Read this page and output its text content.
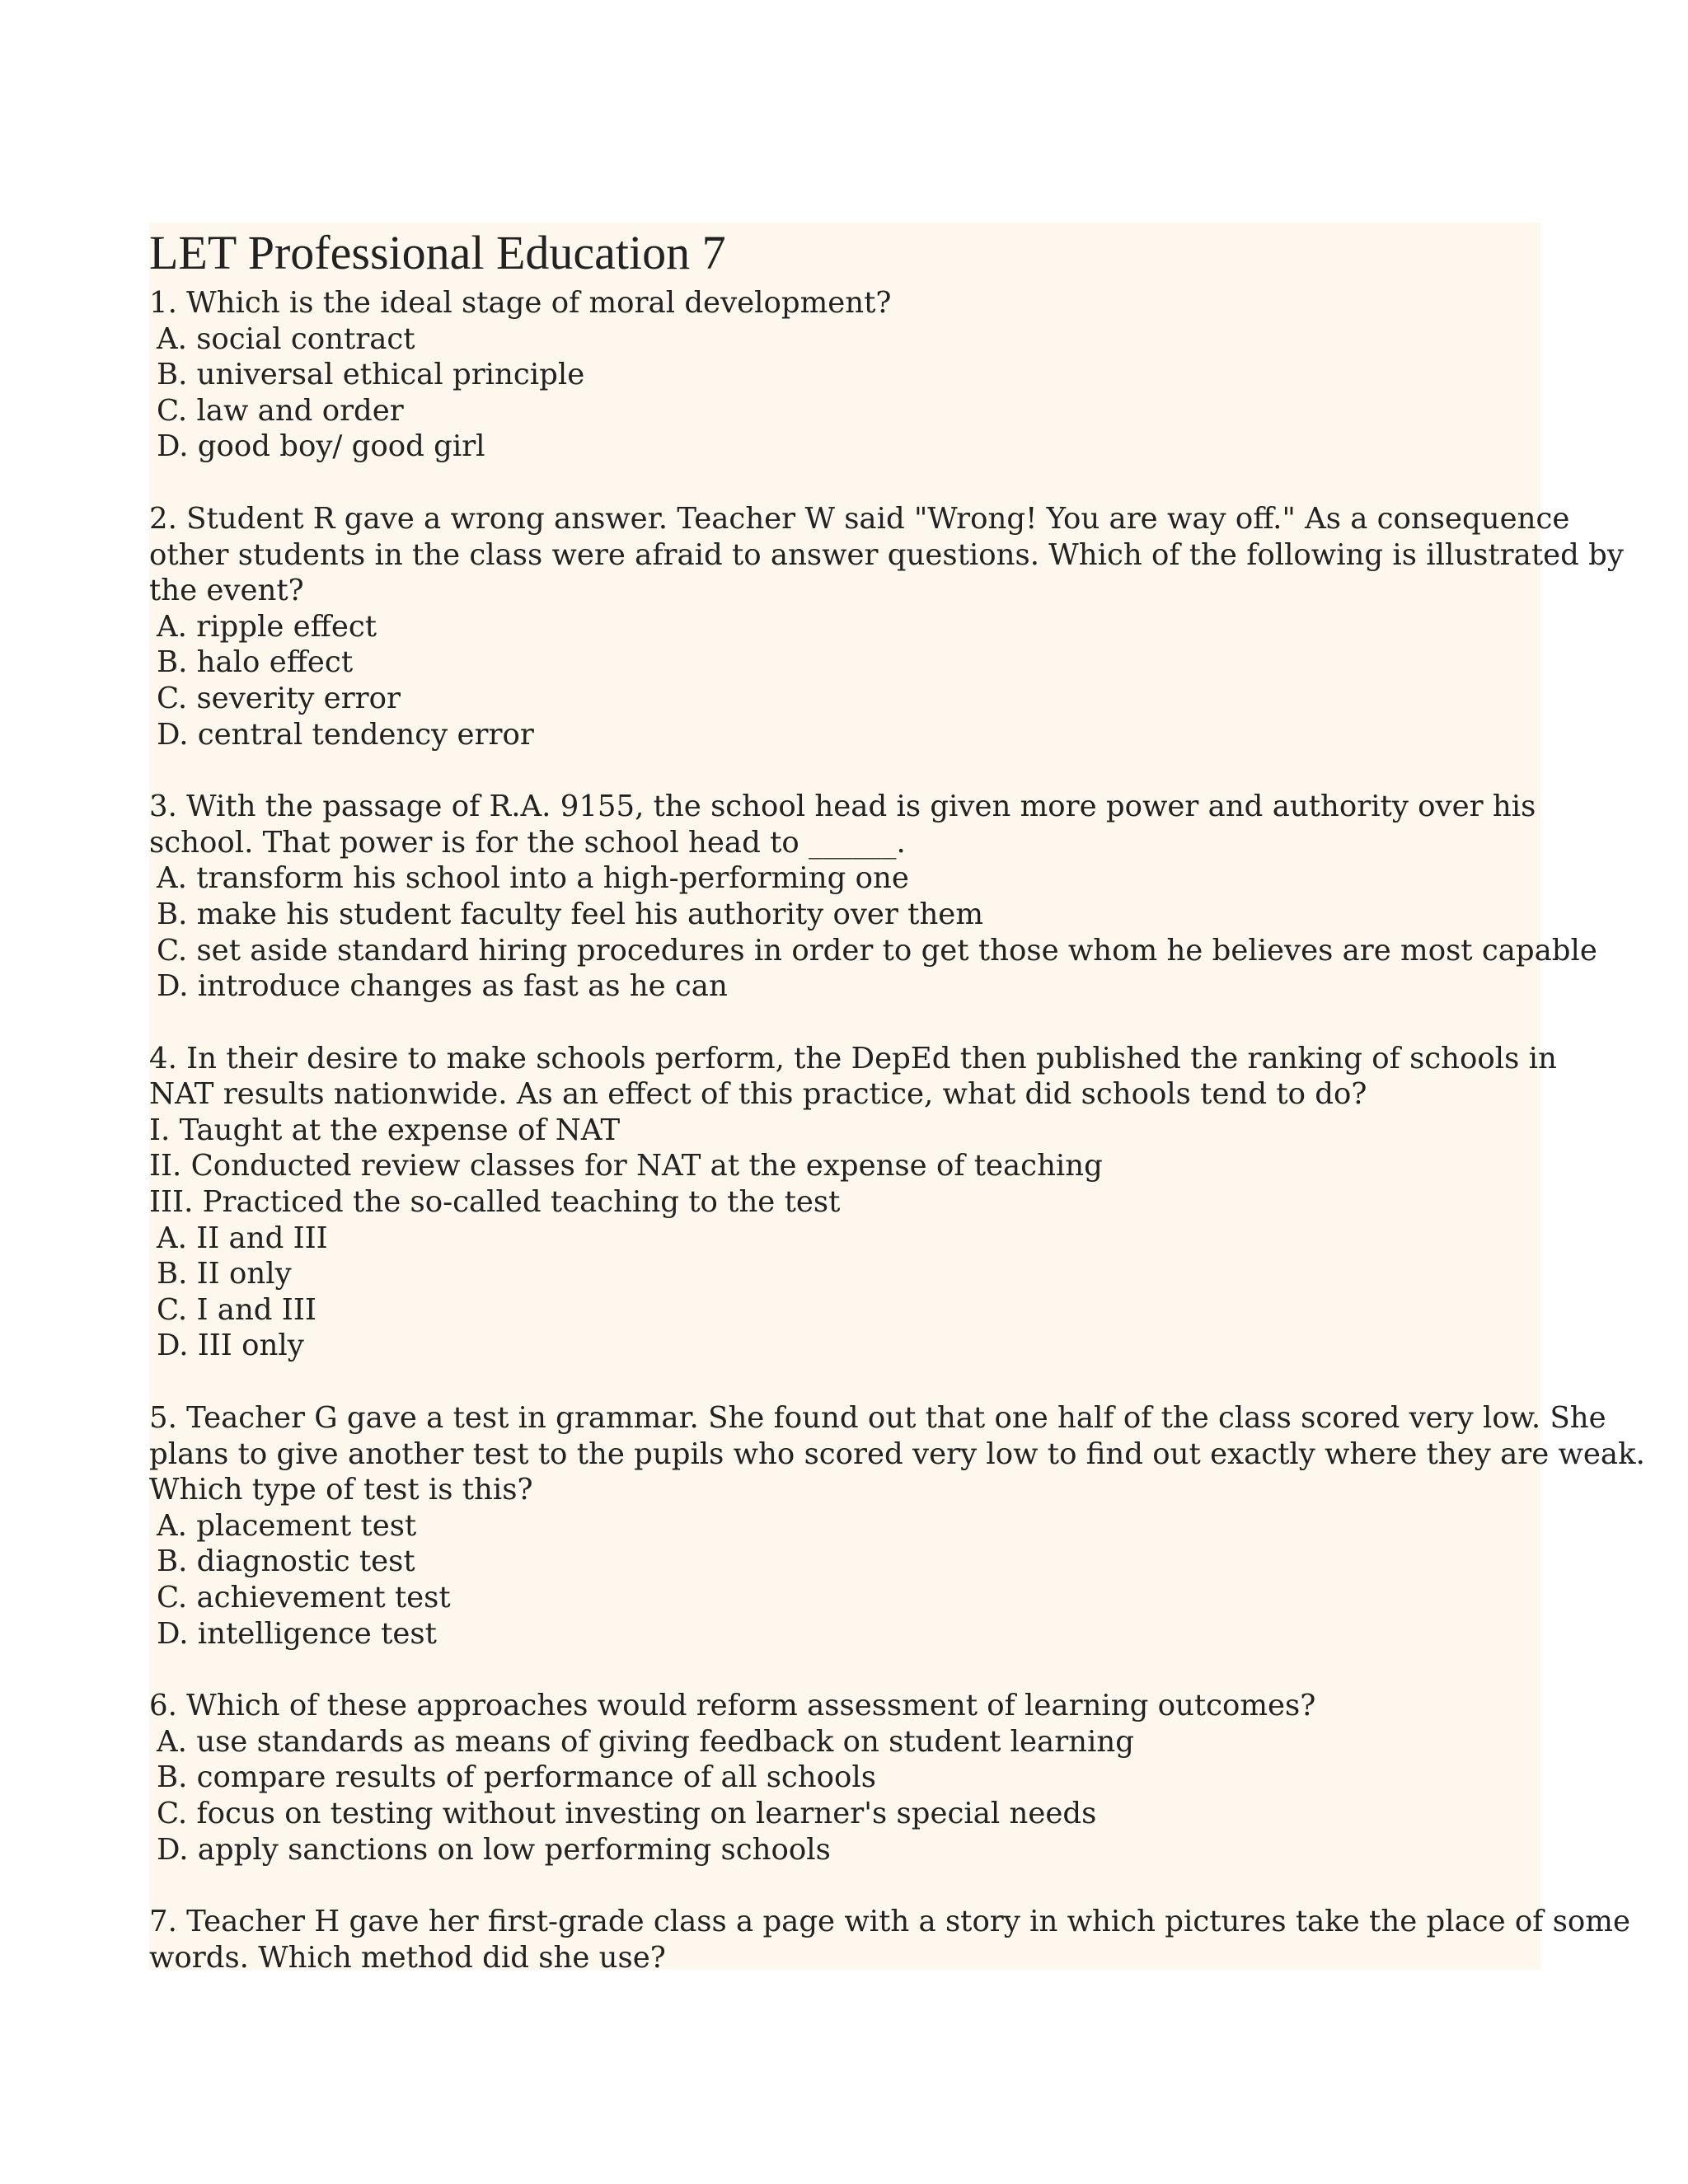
LET Professional Education 7
1. Which is the ideal stage of moral development?
A. social contract
B. universal ethical principle
C. law and order
D. good boy/ good girl
2. Student R gave a wrong answer. Teacher W said "Wrong! You are way off." As a consequence
other students in the class were afraid to answer questions. Which of the following is illustrated by
the event?
A. ripple effect
B. halo effect
C. severity error
D. central tendency error
3. With the passage of R.A. 9155, the school head is given more power and authority over his
school. That power is for the school head to ______.
A. transform his school into a high-performing one
B. make his student faculty feel his authority over them
C. set aside standard hiring procedures in order to get those whom he believes are most capable
D. introduce changes as fast as he can
4. In their desire to make schools perform, the DepEd then published the ranking of schools in
NAT results nationwide. As an effect of this practice, what did schools tend to do?
I. Taught at the expense of NAT
II. Conducted review classes for NAT at the expense of teaching
III. Practiced the so-called teaching to the test
A. II and III
B. II only
C. I and III
D. III only
5. Teacher G gave a test in grammar. She found out that one half of the class scored very low. She
plans to give another test to the pupils who scored very low to find out exactly where they are weak.
Which type of test is this?
A. placement test
B. diagnostic test
C. achievement test
D. intelligence test
6. Which of these approaches would reform assessment of learning outcomes?
A. use standards as means of giving feedback on student learning
B. compare results of performance of all schools
C. focus on testing without investing on learner's special needs
D. apply sanctions on low performing schools
7. Teacher H gave her first-grade class a page with a story in which pictures take the place of some
words. Which method did she use?
